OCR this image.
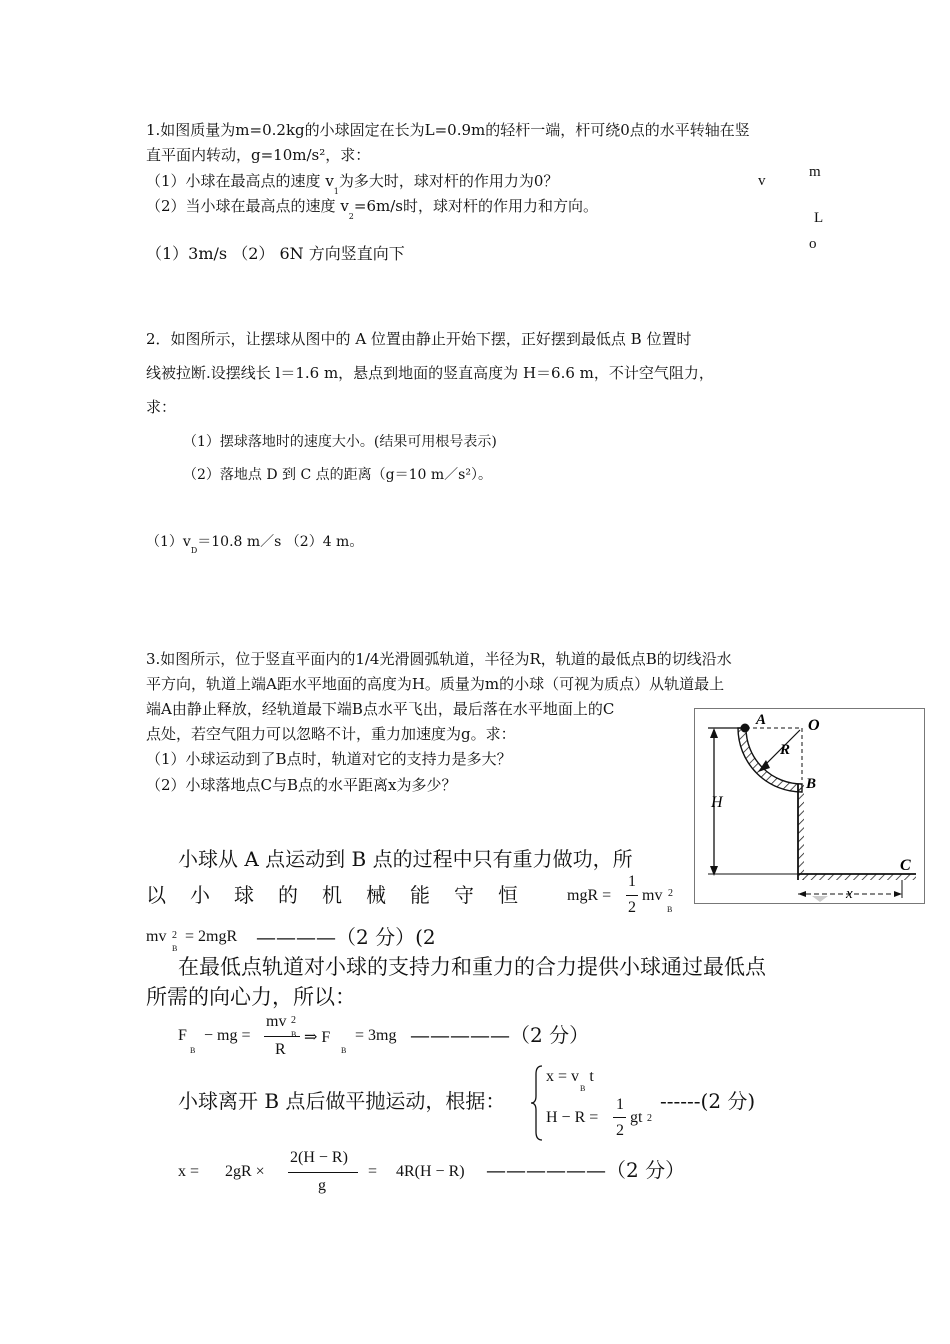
1.如图质量为m=0.2kg的小球固定在长为L=0.9m的轻杆一端，杆可绕0点的水平转轴在竖
直平面内转动，g=10m/s²，求：
（1）小球在最高点的速度 $v_1$为多大时，球对杆的作用力为0？
（2）当小球在最高点的速度 $v_2=6m/s$时，球对杆的作用力和方向。
（1）3m/s （2） 6N 方向竖直向下
v
m
L
o
2．如图所示，让摆球从图中的 A 位置由静止开始下摆，正好摆到最低点 B 位置时
线被拉断.设摆线长 l＝1.6 m，悬点到地面的竖直高度为 H＝6.6 m，不计空气阻力，
求：
（1）摆球落地时的速度大小。(结果可用根号表示)
（2）落地点 D 到 C 点的距离（g＝10 m／s²）。
$(1)v_D=10.8$ m／s （2）4 m。
3.如图所示，位于竖直平面内的1/4光滑圆弧轨道，半径为R，轨道的最低点B的切线沿水
平方向，轨道上端A距水平地面的高度为H。质量为m的小球（可视为质点）从轨道最上
端A由静止释放，经轨道最下端B点水平飞出，最后落在水平地面上的C
点处，若空气阻力可以忽略不计，重力加速度为g。求：
（1）小球运动到了B点时，轨道对它的支持力是多大？
（2）小球落地点C与B点的水平距离x为多少？
H
A	O
R
B
C
x
小球从 A 点运动到 B 点的过程中只有重力做功，所
以小球的机械能守恒 mgR =
1
2
mv 2
B
mv 2
B
= 2mgR ————（2 分）(2
在最低点轨道对小球的支持力和重力的合力提供小球通过最低点
所需的向心力，所以：
F
B
− mg =
mv 2
B
R
⇒ F
B
= 3mg —————（2 分）
小球离开 B 点后做平抛运动，根据：
$x = v_Bt$
H − R =
1
2
gt 2
------(2 分)
x = 2gR ×
2(H − R)
g
= 4R(H − R) ——————（2 分）
